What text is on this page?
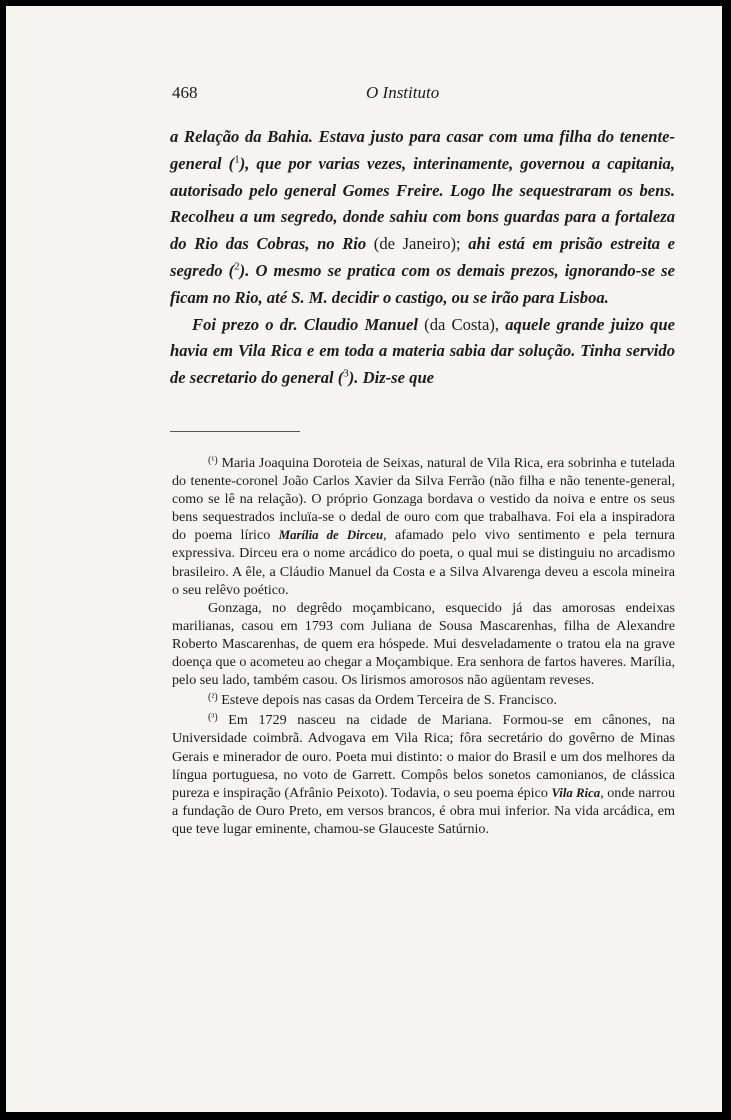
468	O Instituto

a Relação da Bahia. Estava justo para casar com uma filha do tenente-general ($^1$), que por varias vezes, interinamente, governou a capitania, autorisado pelo general Gomes Freire. Logo lhe sequestraram os bens. Recolheu a um segredo, donde sahiu com bons guardas para a fortaleza do Rio das Cobras, no Rio (de Janeiro); ahi está em prisão estreita e segredo ($^2$). O mesmo se pratica com os demais prezos, ignorando-se se ficam no Rio, até S. M. decidir o castigo, ou se irão para Lisboa.

Foi prezo o dr. Claudio Manuel (da Costa), aquele grande juizo que havia em Vila Rica e em toda a materia sabia dar solução. Tinha servido de secretario do general ($^3$). Diz-se que

$^{(^1)}$ Maria Joaquina Doroteia de Seixas, natural de Vila Rica, era sobrinha e tutelada do tenente-coronel João Carlos Xavier da Silva Ferrão (não filha e não tenente-general, como se lê na relação). O próprio Gonzaga bordava o vestido da noiva e entre os seus bens sequestrados incluïa-se o dedal de ouro com que trabalhava. Foi ela a inspiradora do poema lírico Marília de Dirceu, afamado pelo vivo sentimento e pela ternura expressiva. Dirceu era o nome arcádico do poeta, o qual mui se distinguiu no arcadismo brasileiro. A êle, a Cláudio Manuel da Costa e a Silva Alvarenga deveu a escola mineira o seu relêvo poético.

Gonzaga, no degrêdo moçambicano, esquecido já das amorosas endeixas marilianas, casou em 1793 com Juliana de Sousa Mascarenhas, filha de Alexandre Roberto Mascarenhas, de quem era hóspede. Mui desveladamente o tratou ela na grave doença que o acometeu ao chegar a Moçambique. Era senhora de fartos haveres. Marília, pelo seu lado, também casou. Os lirismos amorosos não agüentam reveses.

$^{(^2)}$ Esteve depois nas casas da Ordem Terceira de S. Francisco.

$^{(^3)}$ Em 1729 nasceu na cidade de Mariana. Formou-se em cânones, na Universidade coimbrã. Advogava em Vila Rica; fôra secretário do govêrno de Minas Gerais e minerador de ouro. Poeta mui distinto: o maior do Brasil e um dos melhores da língua portuguesa, no voto de Garrett. Compôs belos sonetos camonianos, de clássica pureza e inspiração (Afrânio Peixoto). Todavia, o seu poema épico Vila Rica, onde narrou a fundação de Ouro Preto, em versos brancos, é obra mui inferior. Na vida arcádica, em que teve lugar eminente, chamou-se Glauceste Satúrnio.
